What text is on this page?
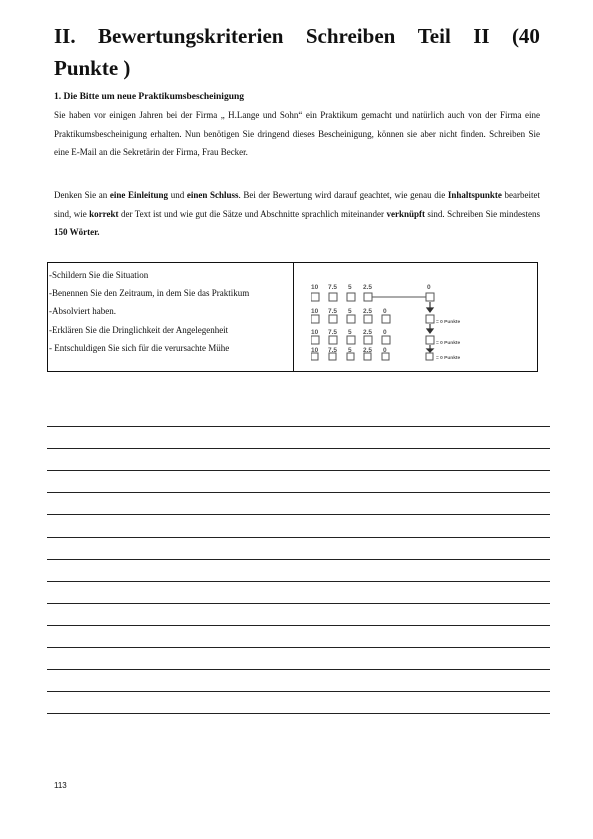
II. Bewertungskriterien Schreiben Teil II (40
Punkte )
1. Die Bitte um neue Praktikumsbescheinigung
Sie haben vor einigen Jahren bei der Firma „ H.Lange und Sohn“ ein Praktikum gemacht und natürlich auch von der Firma eine Praktikumsbescheinigung erhalten. Nun benötigen Sie dringend dieses Bescheinigung, können sie aber nicht finden. Schreiben Sie eine E-Mail an die Sekretärin der Firma, Frau Becker.
Denken Sie an eine Einleitung und einen Schluss. Bei der Bewertung wird darauf geachtet, wie genau die Inhaltspunkte bearbeitet sind, wie korrekt der Text ist und wie gut die Sätze und Abschnitte sprachlich miteinander verknüpft sind. Schreiben Sie mindestens 150 Wörter.
-Schildern Sie die Situation
-Benennen Sie den Zeitraum, in dem Sie das Praktikum
-Absolviert haben.
-Erklären Sie die Dringlichkeit der Angelegenheit
- Entschuldigen Sie sich für die verursachte Mühe
10 7.5 5 2.5	0
10 7.5 5 2.5 0
= 0 Punkte
10 7.5 5 2.5 0
= 0 Punkte
10 7.5 5 2.5 0
= 0 Punkte
113
